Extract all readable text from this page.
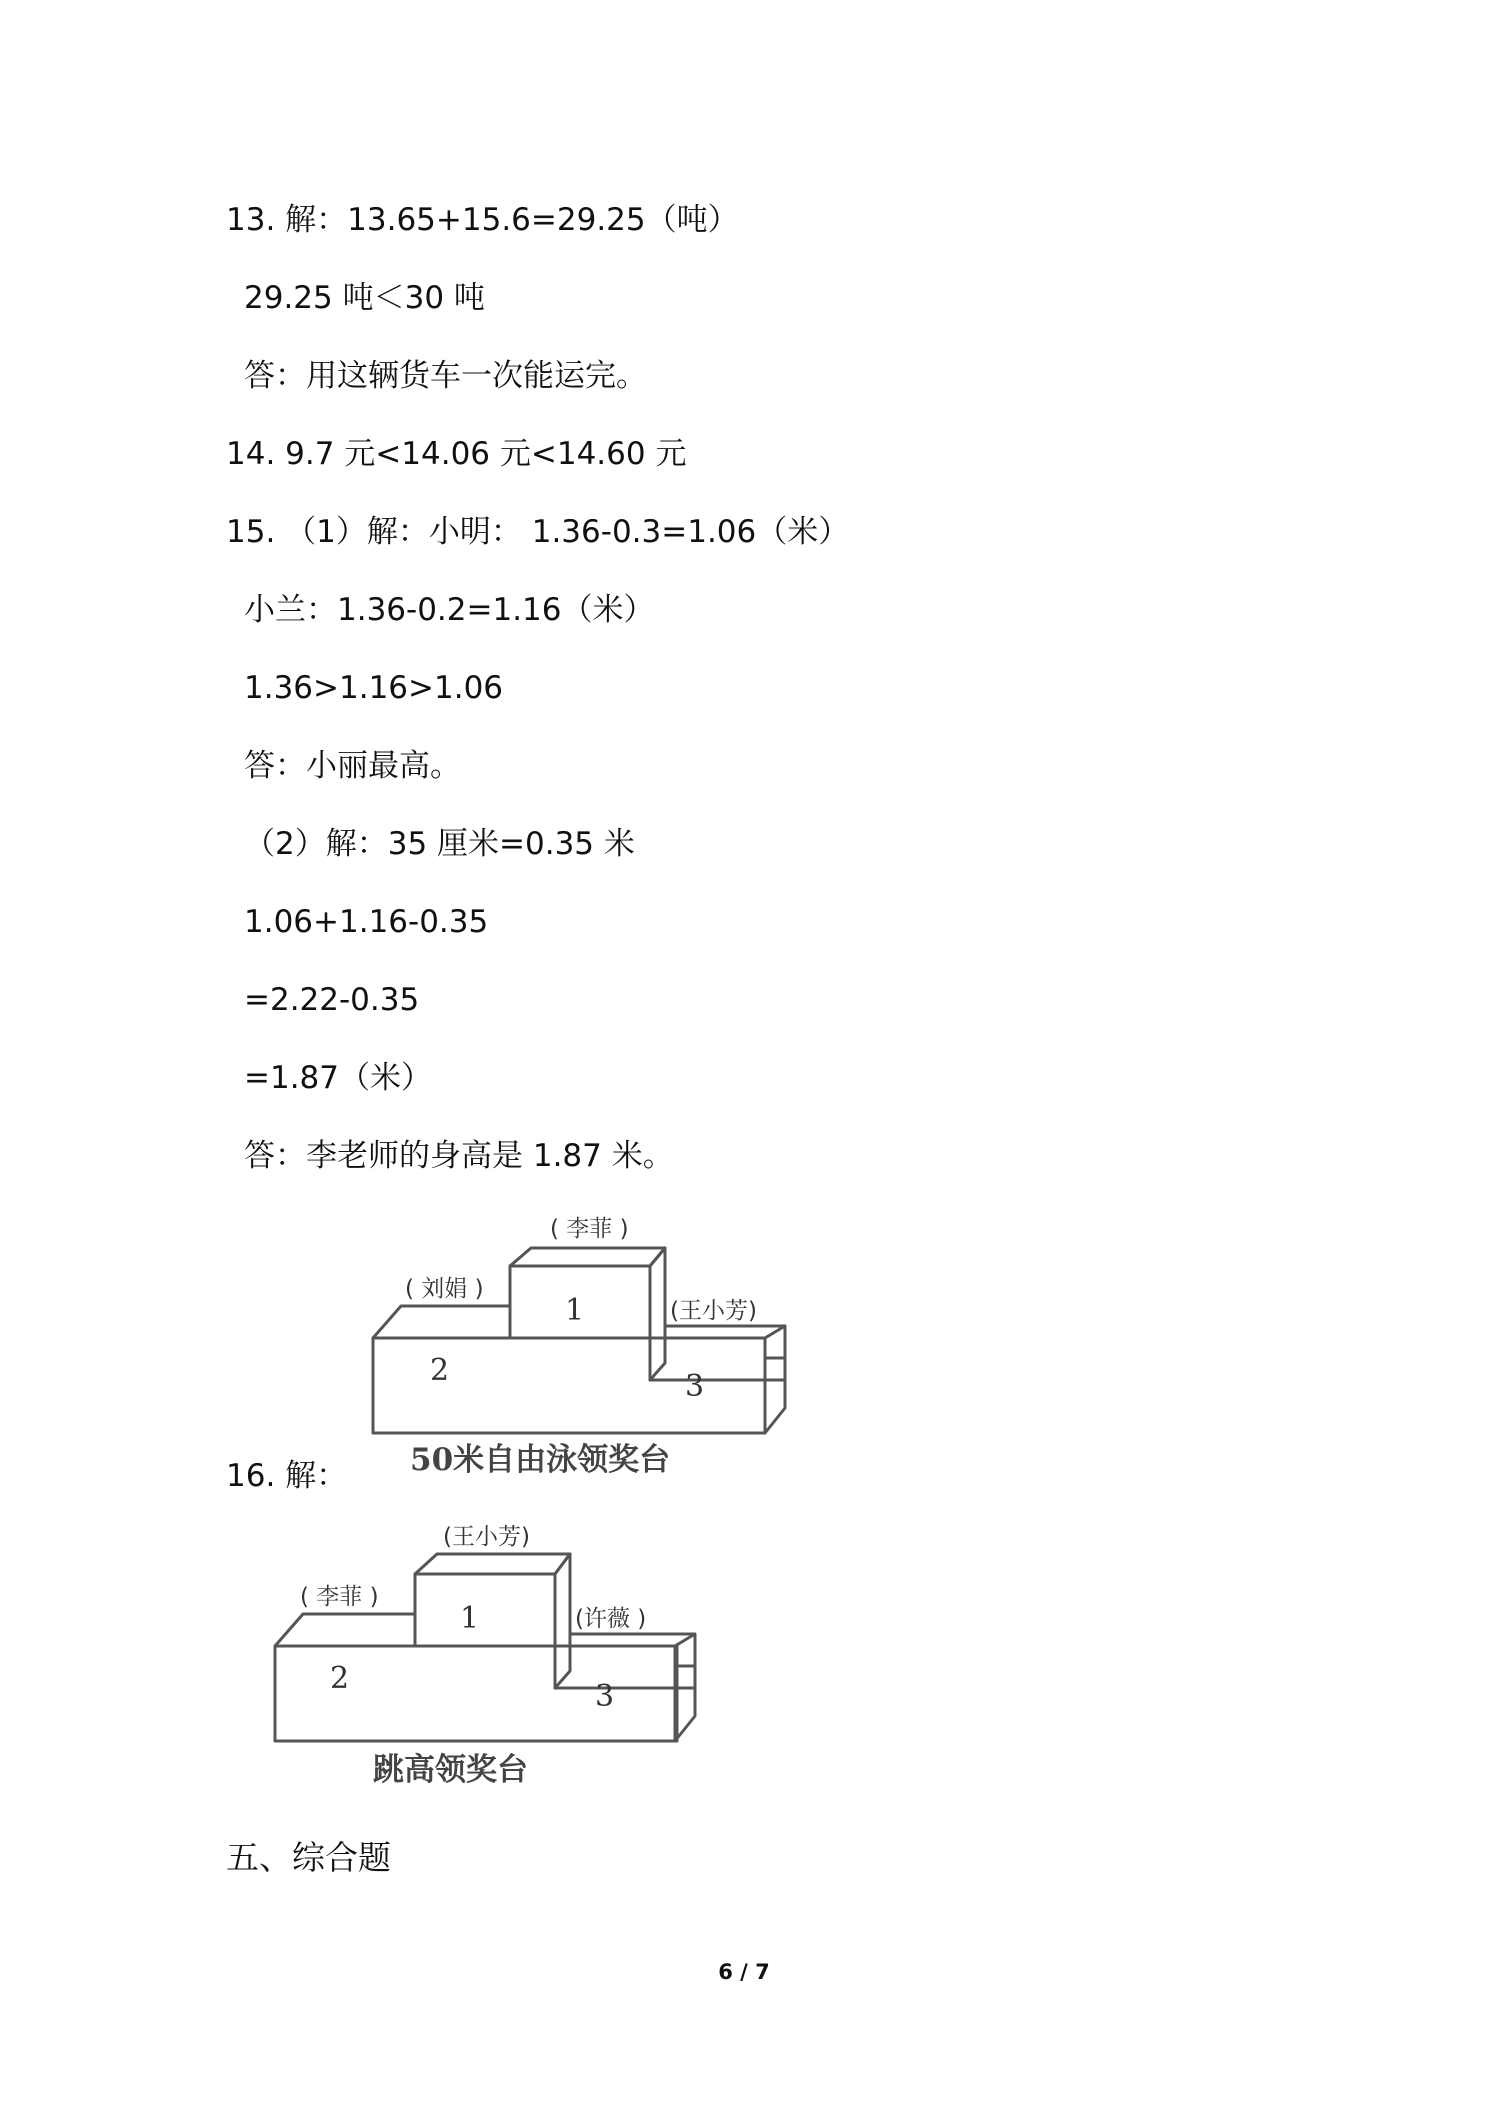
13. 解：13.65+15.6=29.25（吨）
29.25 吨＜30 吨
答：用这辆货车一次能运完。
14. 9.7 元<14.06 元<14.60 元
15. （1）解：小明： 1.36-0.3=1.06（米）
小兰：1.36-0.2=1.16（米）
1.36>1.16>1.06
答：小丽最高。
（2）解：35 厘米=0.35 米
1.06+1.16-0.35
=2.22-0.35
=1.87（米）
答：李老师的身高是 1.87 米。
16. 解：
( 李菲 )
( 刘娟 )
(王小芳)
1
2	3
50米自由泳领奖台
(王小芳)
( 李菲 )
(许薇 )
1
2
3
跳高领奖台
五、综合题
6 / 7
